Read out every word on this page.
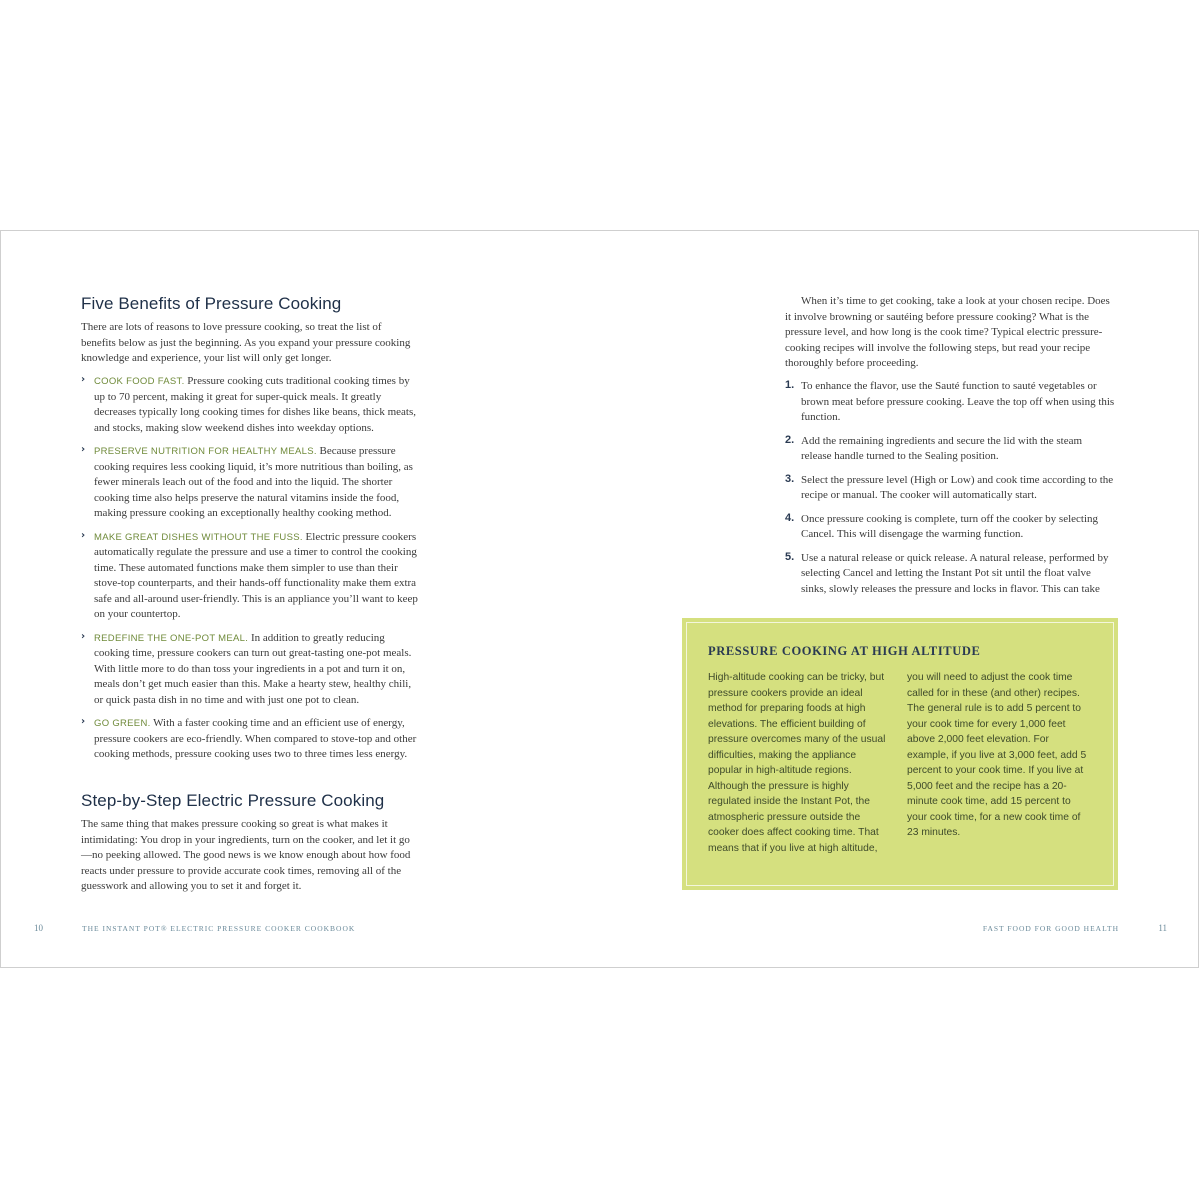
Five Benefits of Pressure Cooking

There are lots of reasons to love pressure cooking, so treat the list of benefits below as just the beginning. As you expand your pressure cooking knowledge and experience, your list will only get longer.

› COOK FOOD FAST. Pressure cooking cuts traditional cooking times by up to 70 percent, making it great for super-quick meals. It greatly decreases typically long cooking times for dishes like beans, thick meats, and stocks, making slow weekend dishes into weekday options.

› PRESERVE NUTRITION FOR HEALTHY MEALS. Because pressure cooking requires less cooking liquid, it’s more nutritious than boiling, as fewer minerals leach out of the food and into the liquid. The shorter cooking time also helps preserve the natural vitamins inside the food, making pressure cooking an exceptionally healthy cooking method.

› MAKE GREAT DISHES WITHOUT THE FUSS. Electric pressure cookers automatically regulate the pressure and use a timer to control the cooking time. These automated functions make them simpler to use than their stove-top counterparts, and their hands-off functionality make them extra safe and all-around user-friendly. This is an appliance you’ll want to keep on your countertop.

› REDEFINE THE ONE-POT MEAL. In addition to greatly reducing cooking time, pressure cookers can turn out great-tasting one-pot meals. With little more to do than toss your ingredients in a pot and turn it on, meals don’t get much easier than this. Make a hearty stew, healthy chili, or quick pasta dish in no time and with just one pot to clean.

› GO GREEN. With a faster cooking time and an efficient use of energy, pressure cookers are eco-friendly. When compared to stove-top and other cooking methods, pressure cooking uses two to three times less energy.

Step-by-Step Electric Pressure Cooking

The same thing that makes pressure cooking so great is what makes it intimidating: You drop in your ingredients, turn on the cooker, and let it go—no peeking allowed. The good news is we know enough about how food reacts under pressure to provide accurate cook times, removing all of the guesswork and allowing you to set it and forget it.

10	THE INSTANT POT® ELECTRIC PRESSURE COOKER COOKBOOK

When it’s time to get cooking, take a look at your chosen recipe. Does it involve browning or sautéing before pressure cooking? What is the pressure level, and how long is the cook time? Typical electric pressure-cooking recipes will involve the following steps, but read your recipe thoroughly before proceeding.

1. To enhance the flavor, use the Sauté function to sauté vegetables or brown meat before pressure cooking. Leave the top off when using this function.

2. Add the remaining ingredients and secure the lid with the steam release handle turned to the Sealing position.

3. Select the pressure level (High or Low) and cook time according to the recipe or manual. The cooker will automatically start.

4. Once pressure cooking is complete, turn off the cooker by selecting Cancel. This will disengage the warming function.

5. Use a natural release or quick release. A natural release, performed by selecting Cancel and letting the Instant Pot sit until the float valve sinks, slowly releases the pressure and locks in flavor. This can take

PRESSURE COOKING AT HIGH ALTITUDE
High-altitude cooking can be tricky, but pressure cookers provide an ideal method for preparing foods at high elevations. The efficient building of pressure overcomes many of the usual difficulties, making the appliance popular in high-altitude regions. Although the pressure is highly regulated inside the Instant Pot, the atmospheric pressure outside the cooker does affect cooking time. That means that if you live at high altitude,
you will need to adjust the cook time called for in these (and other) recipes. The general rule is to add 5 percent to your cook time for every 1,000 feet above 2,000 feet elevation. For example, if you live at 3,000 feet, add 5 percent to your cook time. If you live at 5,000 feet and the recipe has a 20-minute cook time, add 15 percent to your cook time, for a new cook time of 23 minutes.
FAST FOOD FOR GOOD HEALTH	11
